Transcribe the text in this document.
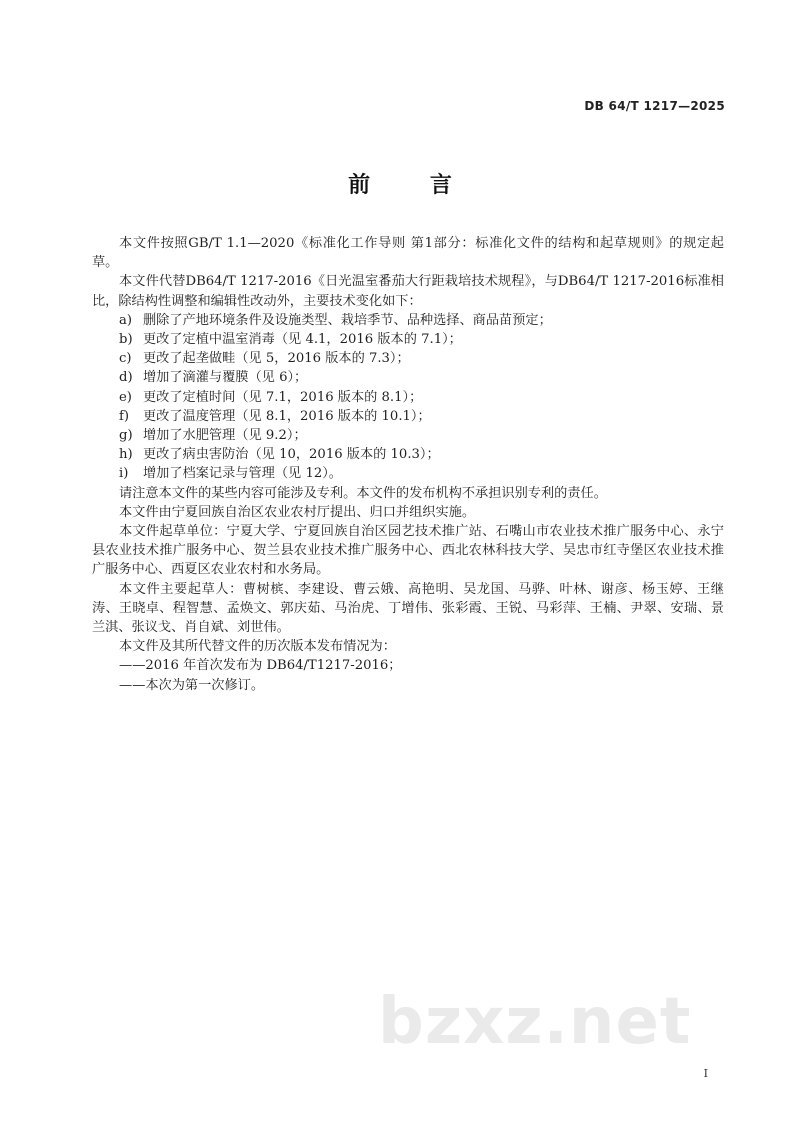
DB 64/T 1217—2025
前 言

本文件按照GB/T 1.1—2020《标准化工作导则 第1部分：标准化文件的结构和起草规则》的规定起草。

本文件代替DB64/T 1217-2016《日光温室番茄大行距栽培技术规程》，与DB64/T 1217-2016标准相比，除结构性调整和编辑性改动外，主要技术变化如下：

a) 删除了产地环境条件及设施类型、栽培季节、品种选择、商品苗预定；
b) 更改了定植中温室消毒（见 4.1，2016 版本的 7.1）；
c) 更改了起垄做畦（见 5，2016 版本的 7.3）；
d) 增加了滴灌与覆膜（见 6）；
e) 更改了定植时间（见 7.1，2016 版本的 8.1）；
f)	更改了温度管理（见 8.1，2016 版本的 10.1）；
g) 增加了水肥管理（见 9.2）；
h) 更改了病虫害防治（见 10，2016 版本的 10.3）；
i)	增加了档案记录与管理（见 12）。

请注意本文件的某些内容可能涉及专利。本文件的发布机构不承担识别专利的责任。

本文件由宁夏回族自治区农业农村厅提出、归口并组织实施。

本文件起草单位：宁夏大学、宁夏回族自治区园艺技术推广站、石嘴山市农业技术推广服务中心、永宁县农业技术推广服务中心、贺兰县农业技术推广服务中心、西北农林科技大学、吴忠市红寺堡区农业技术推广服务中心、西夏区农业农村和水务局。

本文件主要起草人：曹树槟、李建设、曹云娥、高艳明、吴龙国、马骅、叶林、谢彦、杨玉婷、王继涛、王晓卓、程智慧、孟焕文、郭庆茹、马治虎、丁增伟、张彩霞、王锐、马彩萍、王楠、尹翠、安瑞、景兰淇、张议戈、肖自斌、刘世伟。

本文件及其所代替文件的历次版本发布情况为：

——2016 年首次发布为 DB64/T1217-2016；

——本次为第一次修订。

bzxz.net
I
